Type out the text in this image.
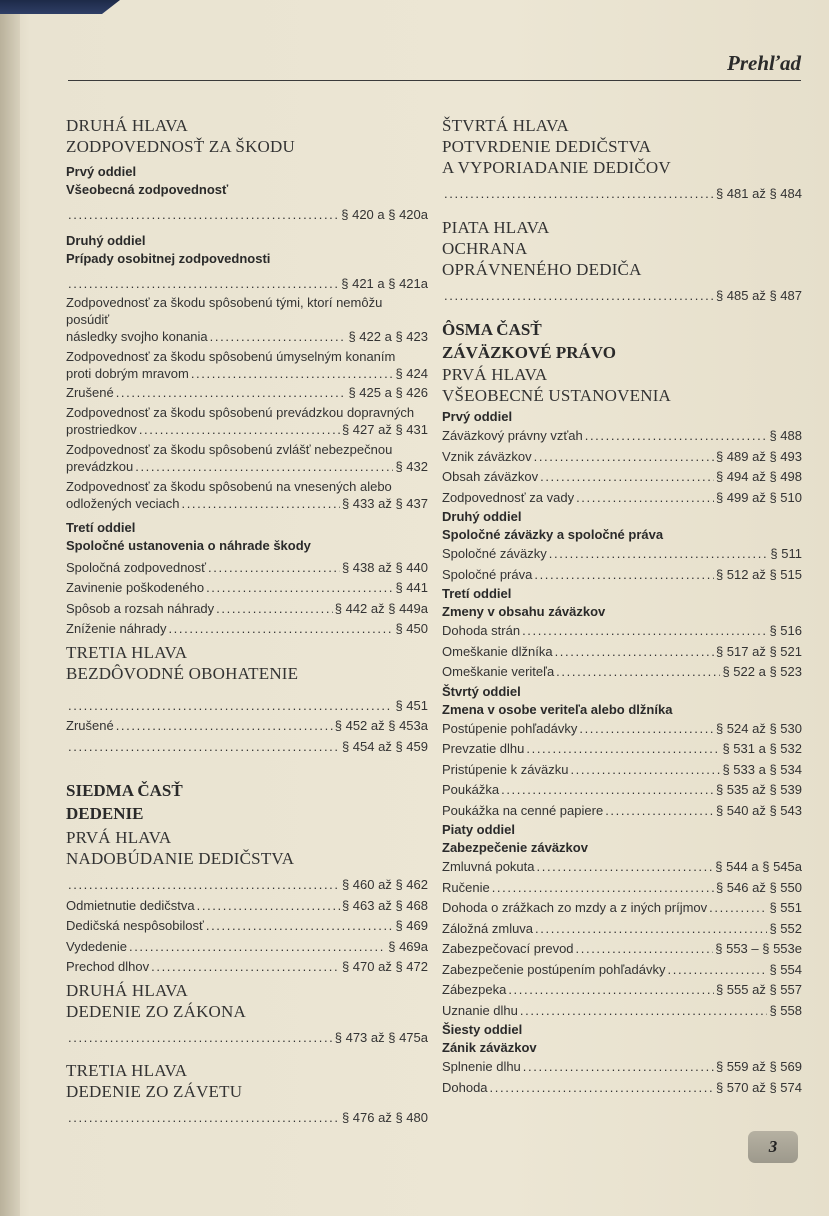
Prehľad
DRUHÁ HLAVA
ZODPOVEDNOSŤ ZA ŠKODU
Prvý oddiel
Všeobecná zodpovednosť
. . .
§ 420 a § 420a
Druhý oddiel
Prípady osobitnej zodpovednosti
. . .
§ 421 a § 421a
Zodpovednosť za škodu spôsobenú tými, ktorí nemôžu posúdiť
následky svojho konania . . .	§ 422 a § 423
Zodpovednosť za škodu spôsobenú úmyselným konaním
proti dobrým mravom . . .	§ 424
Zrušené . . .	§ 425 a § 426
Zodpovednosť za škodu spôsobenú prevádzkou dopravných
prostriedkov . . .	§ 427 až § 431
Zodpovednosť za škodu spôsobenú zvlášť nebezpečnou
prevádzkou . . .	§ 432
Zodpovednosť za škodu spôsobenú na vnesených alebo
odložených veciach . . .	§ 433 až § 437
Tretí oddiel
Spoločné ustanovenia o náhrade škody
Spoločná zodpovednosť . . .	§ 438 až § 440
Zavinenie poškodeného . . .	§ 441
Spôsob a rozsah náhrady . . .	§ 442 až § 449a
Zníženie náhrady . . .	§ 450
TRETIA HLAVA
BEZDÔVODNÉ OBOHATENIE
. . .
§ 451
Zrušené . . .	§ 452 až § 453a
. . .
§ 454 až § 459
SIEDMA ČASŤ
DEDENIE
PRVÁ HLAVA
NADOBÚDANIE DEDIČSTVA
. . .
§ 460 až § 462
Odmietnutie dedičstva . . .	§ 463 až § 468
Dedičská nespôsobilosť . . .	§ 469
Vydedenie . . .	§ 469a
Prechod dlhov . . .	§ 470 až § 472
DRUHÁ HLAVA
DEDENIE ZO ZÁKONA
. . .
§ 473 až § 475a
TRETIA HLAVA
DEDENIE ZO ZÁVETU
. . .
§ 476 až § 480
ŠTVRTÁ HLAVA
POTVRDENIE DEDIČSTVA
A VYPORIADANIE DEDIČOV
. . .
§ 481 až § 484
PIATA HLAVA
OCHRANA
OPRÁVNENÉHO DEDIČA
. . .
§ 485 až § 487
ÔSMA ČASŤ
ZÁVÄZKOVÉ PRÁVO
PRVÁ HLAVA
VŠEOBECNÉ USTANOVENIA
Prvý oddiel
Záväzkový právny vzťah . . .	§ 488
Vznik záväzkov . . .	§ 489 až § 493
Obsah záväzkov . . .	§ 494 až § 498
Zodpovednosť za vady . . .	§ 499 až § 510
Druhý oddiel
Spoločné záväzky a spoločné práva
Spoločné záväzky . . .	§ 511
Spoločné práva . . .	§ 512 až § 515
Tretí oddiel
Zmeny v obsahu záväzkov
Dohoda strán . . .	§ 516
Omeškanie dlžníka . . .	§ 517 až § 521
Omeškanie veriteľa . . .	§ 522 a § 523
Štvrtý oddiel
Zmena v osobe veriteľa alebo dlžníka
Postúpenie pohľadávky . . .	§ 524 až § 530
Prevzatie dlhu . . .	§ 531 a § 532
Pristúpenie k záväzku . . .	§ 533 a § 534
Poukážka . . .	§ 535 až § 539
Poukážka na cenné papiere . . .	§ 540 až § 543
Piaty oddiel
Zabezpečenie záväzkov
Zmluvná pokuta . . .	§ 544 a § 545a
Ručenie . . .	§ 546 až § 550
Dohoda o zrážkach zo mzdy a z iných príjmov . . .	§ 551
Záložná zmluva . . .	§ 552
Zabezpečovací prevod . . .	§ 553 – § 553e
Zabezpečenie postúpením pohľadávky . . .	§ 554
Zábezpeka . . .	§ 555 až § 557
Uznanie dlhu . . .	§ 558
Šiesty oddiel
Zánik záväzkov
Splnenie dlhu . . .	§ 559 až § 569
Dohoda . . .	§ 570 až § 574
3
